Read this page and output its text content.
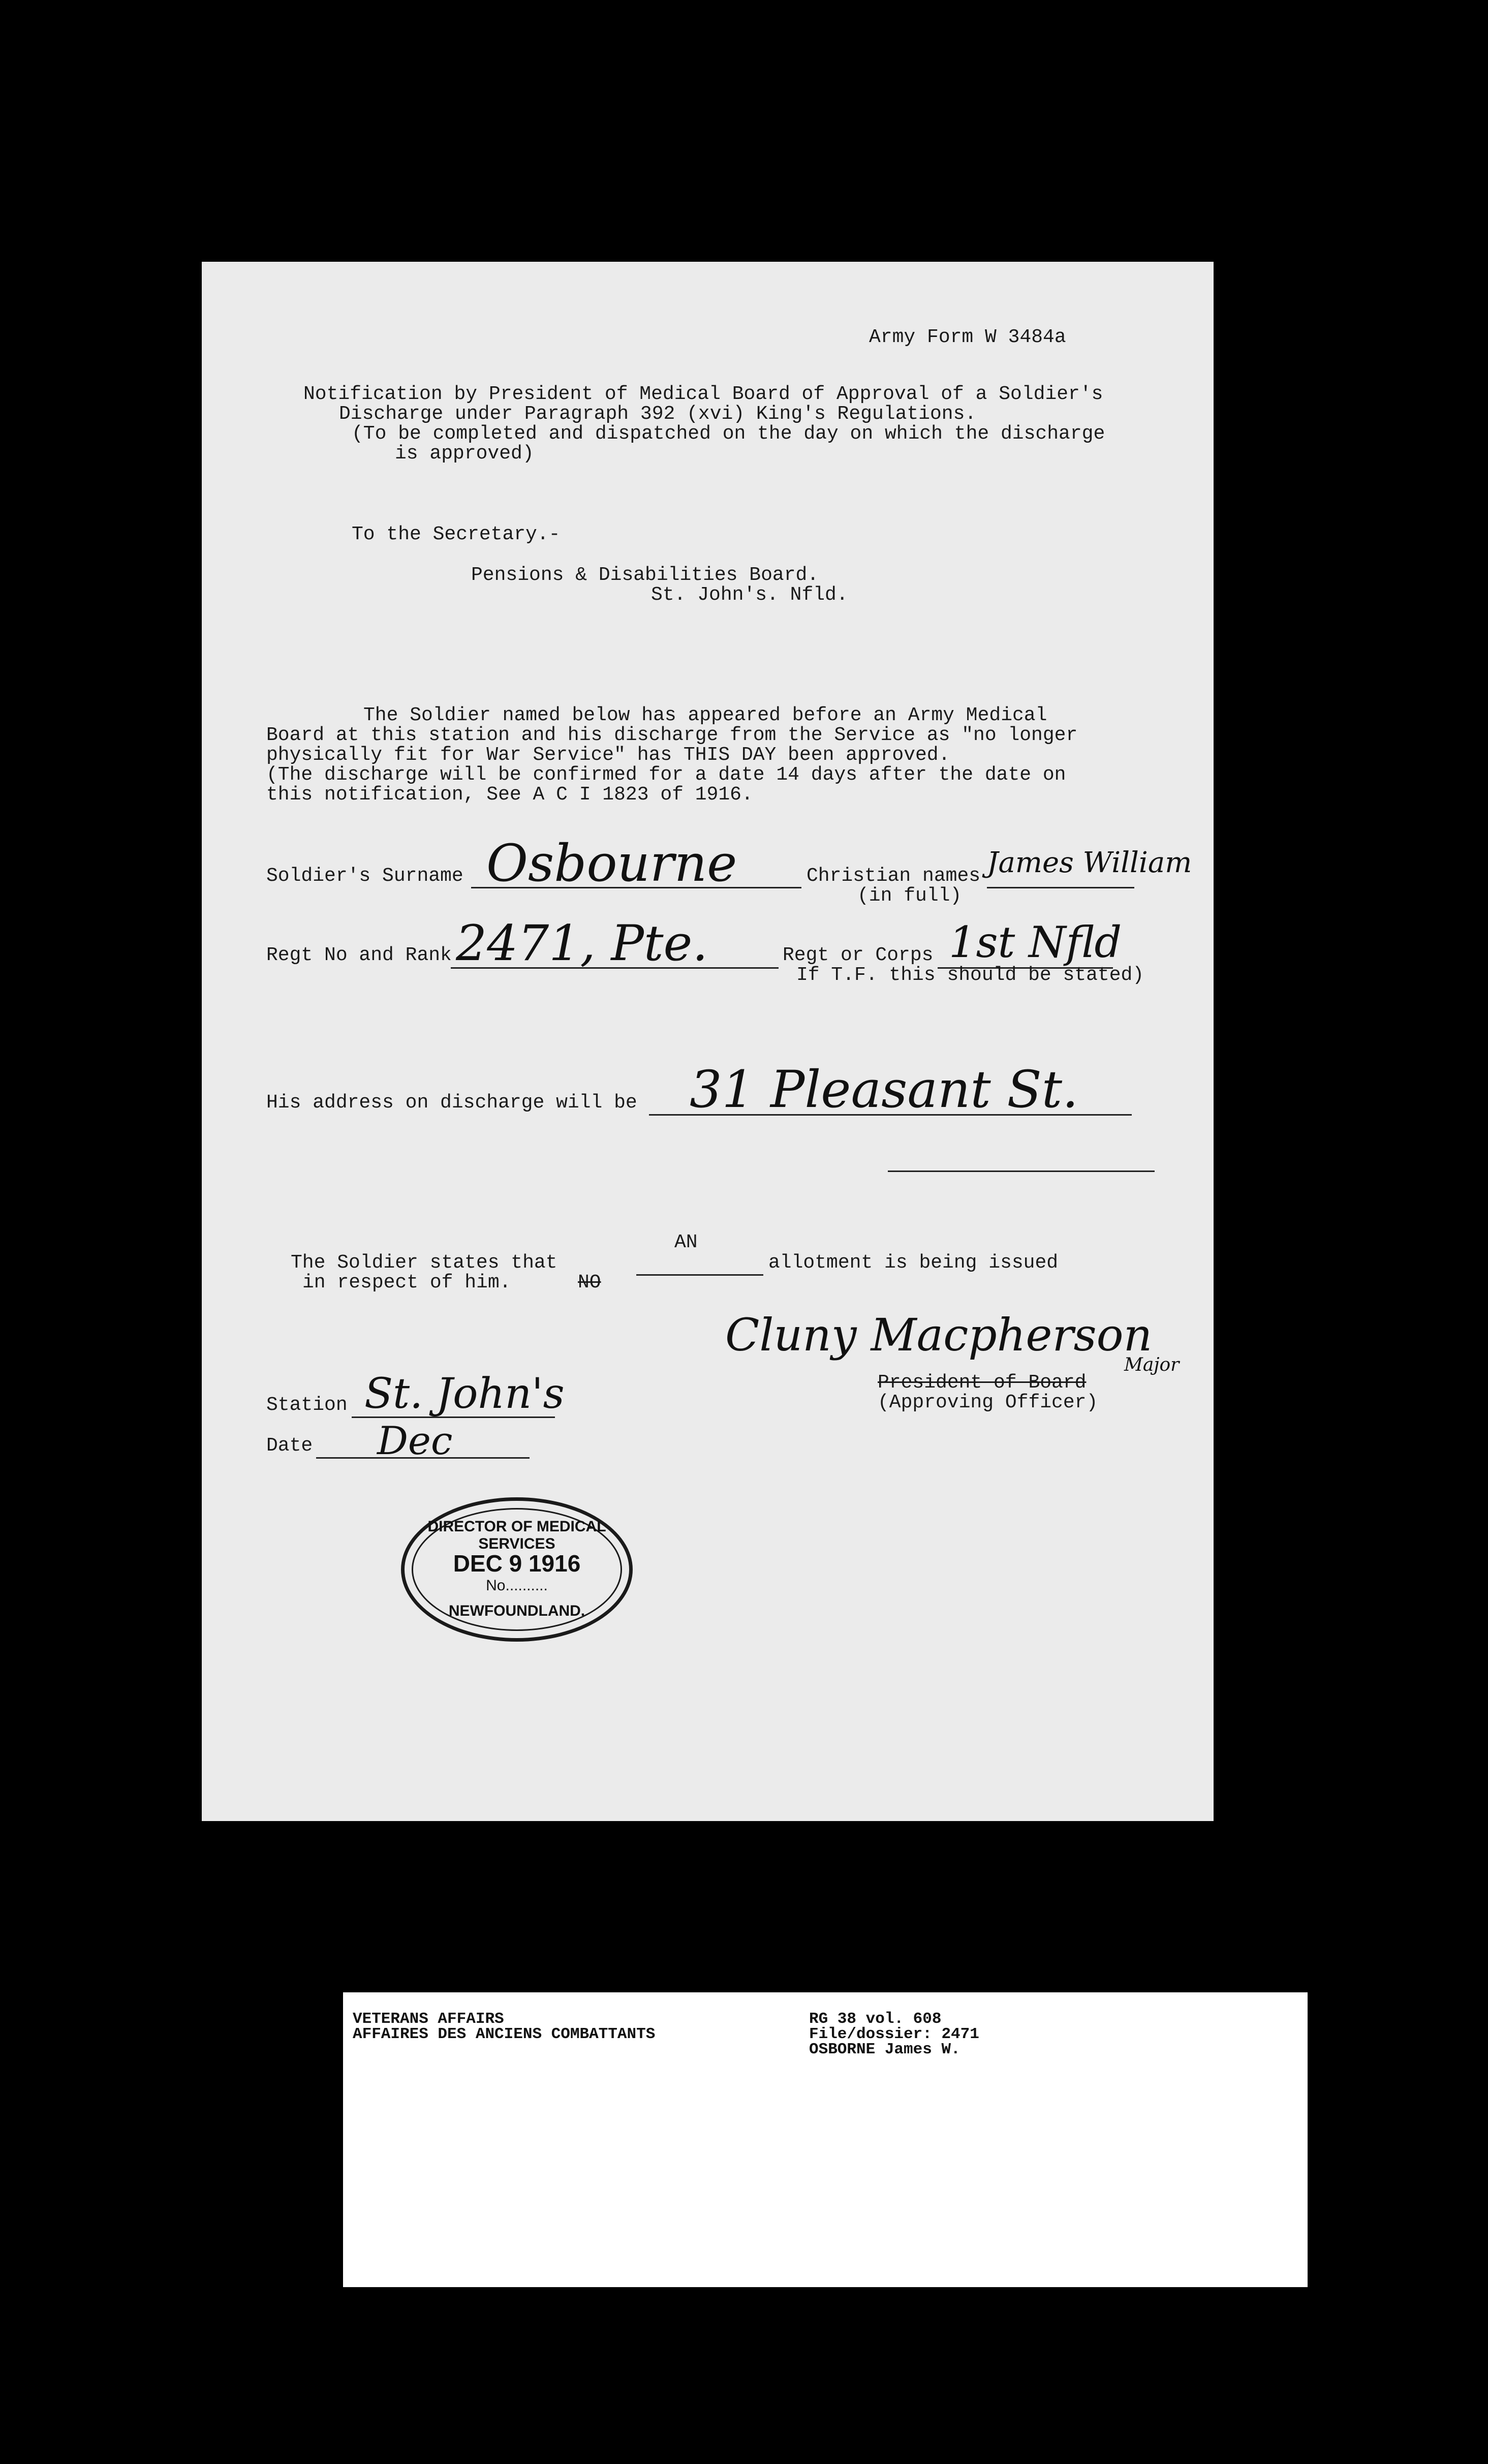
Army Form W 3484a
Notification by President of Medical Board of Approval of a Soldier's
Discharge under Paragraph 392 (xvi) King's Regulations.
(To be completed and dispatched on the day on which the discharge
is approved)
To the Secretary.-
Pensions & Disabilities Board.
St. John's. Nfld.
The Soldier named below has appeared before an Army Medical
Board at this station and his discharge from the Service as "no longer
physically fit for War Service" has THIS DAY been approved.
(The discharge will be confirmed for a date 14 days after the date on
this notification, See A C I 1823 of 1916.
Soldier's Surname Osbourne	Christian names
(in full)
James William
Regt No and Rank 2471, Pte.	Regt or Corps 1st Nfld
If T.F. this should be stated)
His address on discharge will be 31 Pleasant St.
AN
The Soldier states that	allotment is being issued
in respect of him.	NO
Cluny Macpherson
Major
President of Board
(Approving Officer)
Station St. John's
Date Dec
DIRECTOR OF MEDICAL SERVICES
DEC 9 1916
No..........
NEWFOUNDLAND.
VETERANS AFFAIRS
AFFAIRES DES ANCIENS COMBATTANTS
RG 38 vol. 608
File/dossier: 2471
OSBORNE James W.
